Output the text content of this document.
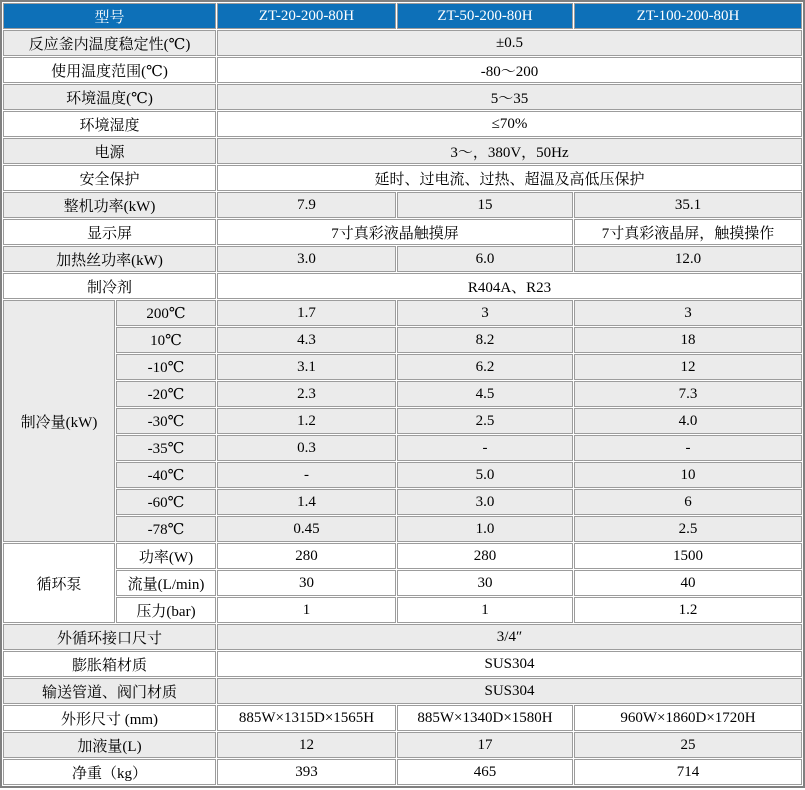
型号		ZT-20-200-80H	ZT-50-200-80H	ZT-100-200-80H
反应釜内温度稳定性(℃)		±0.5		
使用温度范围(℃)		-80～200		
环境温度(℃)		5～35		
环境湿度		≤70%		
电源		3～，380V，50Hz		
安全保护		延时、过电流、过热、超温及高低压保护		
整机功率(kW)		7.9	15	35.1
显示屏		7寸真彩液晶触摸屏		7寸真彩液晶屏，触摸操作
加热丝功率(kW)		3.0	6.0	12.0
制冷剂		R404A、R23		
制冷量(kW)	200℃	1.7	3	3
	10℃	4.3	8.2	18
	-10℃	3.1	6.2	12
	-20℃	2.3	4.5	7.3
	-30℃	1.2	2.5	4.0
	-35℃	0.3	-	-
	-40℃	-	5.0	10
	-60℃	1.4	3.0	6
	-78℃	0.45	1.0	2.5
循环泵	功率(W)	280	280	1500
	流量(L/min)	30	30	40
	压力(bar)	1	1	1.2
外循环接口尺寸		3/4″		
膨胀箱材质		SUS304		
输送管道、阀门材质		SUS304		
外形尺寸 (mm)		885W×1315D×1565H	885W×1340D×1580H	960W×1860D×1720H
加液量(L)		12	17	25
净重（kg）		393	465	714
